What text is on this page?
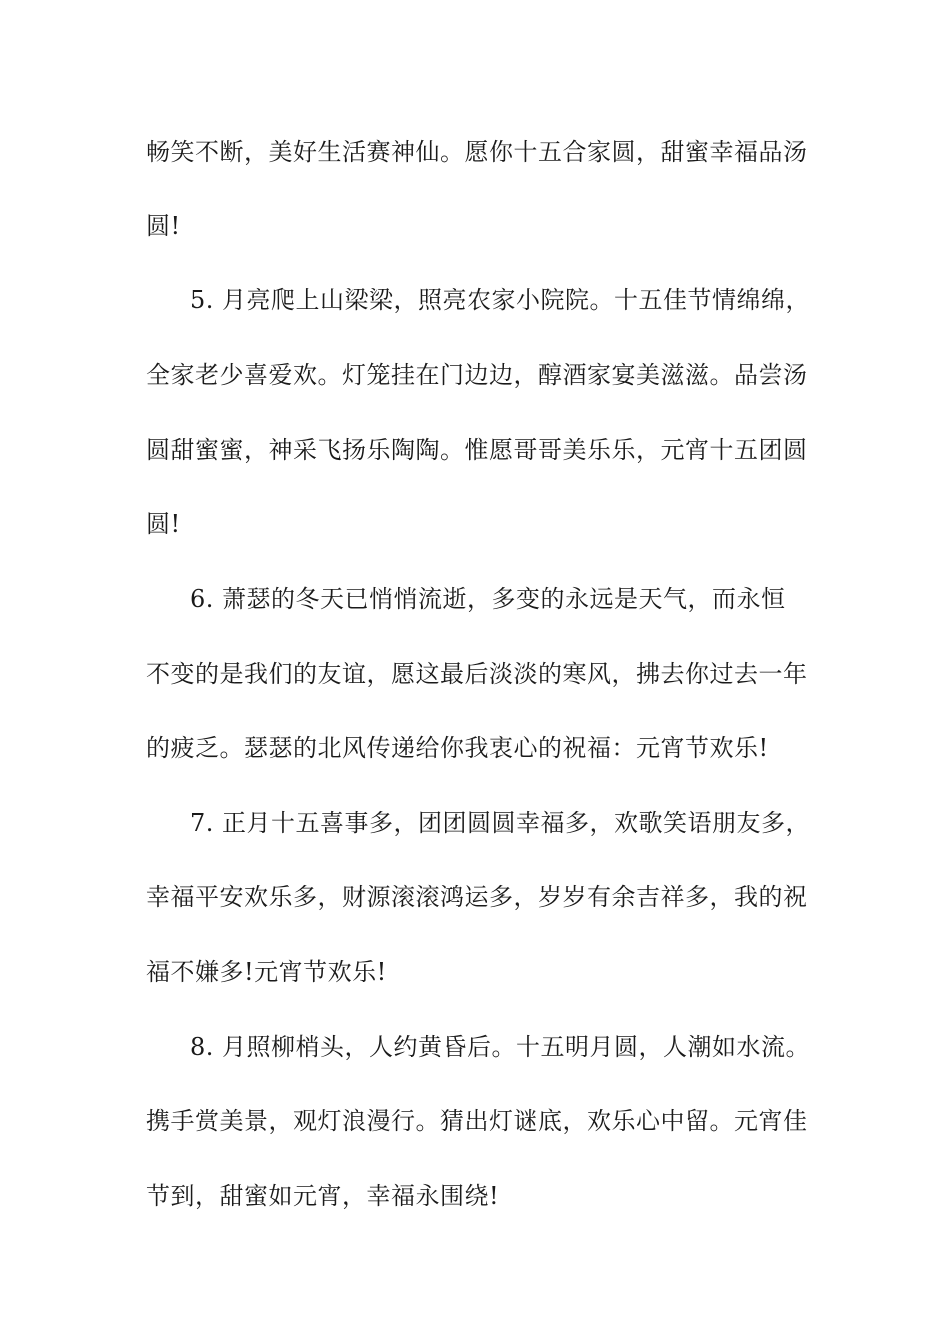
畅笑不断，美好生活赛神仙。愿你十五合家圆，甜蜜幸福品汤
圆!
5. 月亮爬上山梁梁，照亮农家小院院。十五佳节情绵绵，
全家老少喜爱欢。灯笼挂在门边边，醇酒家宴美滋滋。品尝汤
圆甜蜜蜜，神采飞扬乐陶陶。惟愿哥哥美乐乐，元宵十五团圆
圆!
6. 萧瑟的冬天已悄悄流逝，多变的永远是天气，而永恒
不变的是我们的友谊，愿这最后淡淡的寒风，拂去你过去一年
的疲乏。瑟瑟的北风传递给你我衷心的祝福：元宵节欢乐!
7. 正月十五喜事多，团团圆圆幸福多，欢歌笑语朋友多，
幸福平安欢乐多，财源滚滚鸿运多，岁岁有余吉祥多，我的祝
福不嫌多!元宵节欢乐!
8. 月照柳梢头，人约黄昏后。十五明月圆，人潮如水流。
携手赏美景，观灯浪漫行。猜出灯谜底，欢乐心中留。元宵佳
节到，甜蜜如元宵，幸福永围绕!
